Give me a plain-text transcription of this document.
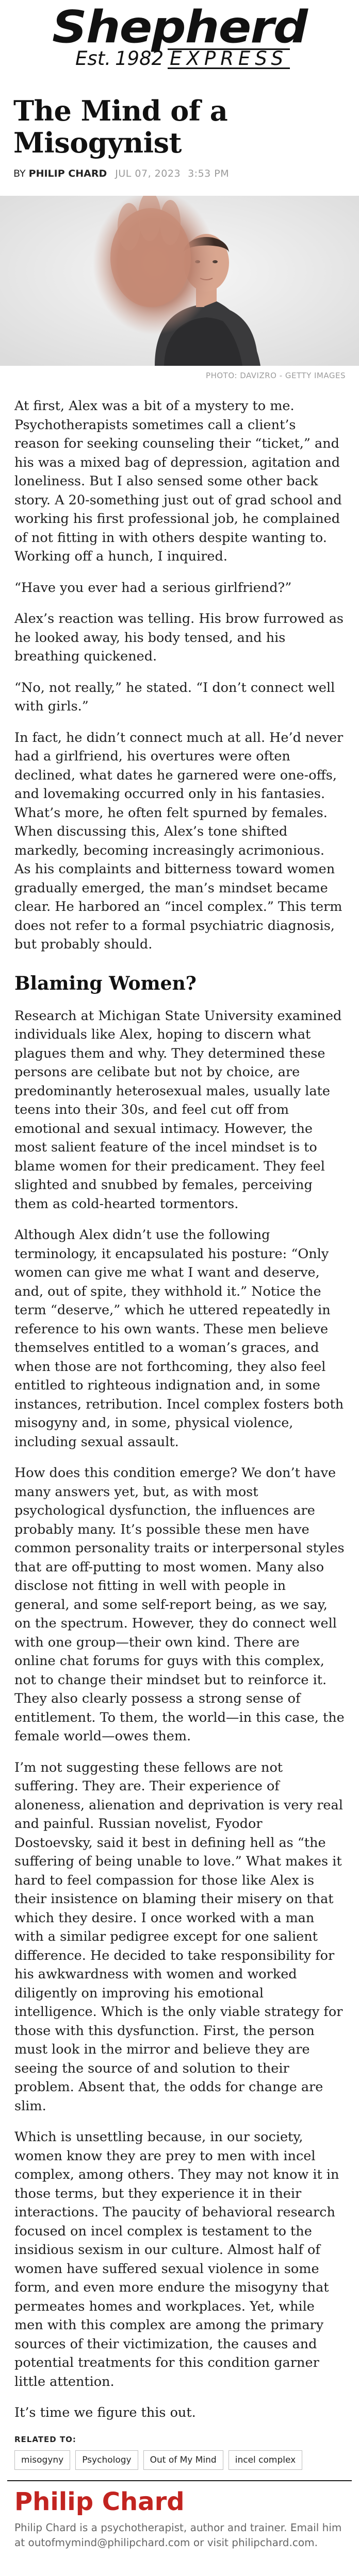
Shepherd
Est. 1982 EXPRESS
The Mind of a Misogynist
BY PHILIP CHARD JUL 07, 2023 3:53 PM
PHOTO: DAVIZRO - GETTY IMAGES

At first, Alex was a bit of a mystery to me. Psychotherapists sometimes call a client’s reason for seeking counseling their “ticket,” and his was a mixed bag of depression, agitation and loneliness. But I also sensed some other back story. A 20-something just out of grad school and working his first professional job, he complained of not fitting in with others despite wanting to. Working off a hunch, I inquired.

“Have you ever had a serious girlfriend?”

Alex’s reaction was telling. His brow furrowed as he looked away, his body tensed, and his breathing quickened.

“No, not really,” he stated. “I don’t connect well with girls.”

In fact, he didn’t connect much at all. He’d never had a girlfriend, his overtures were often declined, what dates he garnered were one-offs, and lovemaking occurred only in his fantasies. What’s more, he often felt spurned by females. When discussing this, Alex’s tone shifted markedly, becoming increasingly acrimonious. As his complaints and bitterness toward women gradually emerged, the man’s mindset became clear. He harbored an “incel complex.” This term does not refer to a formal psychiatric diagnosis, but probably should.

Blaming Women?

Research at Michigan State University examined individuals like Alex, hoping to discern what plagues them and why. They determined these persons are celibate but not by choice, are predominantly heterosexual males, usually late teens into their 30s, and feel cut off from emotional and sexual intimacy. However, the most salient feature of the incel mindset is to blame women for their predicament. They feel slighted and snubbed by females, perceiving them as cold-hearted tormentors.

Although Alex didn’t use the following terminology, it encapsulated his posture: “Only women can give me what I want and deserve, and, out of spite, they withhold it.” Notice the term “deserve,” which he uttered repeatedly in reference to his own wants. These men believe themselves entitled to a woman’s graces, and when those are not forthcoming, they also feel entitled to righteous indignation and, in some instances, retribution. Incel complex fosters both misogyny and, in some, physical violence, including sexual assault.

How does this condition emerge? We don’t have many answers yet, but, as with most psychological dysfunction, the influences are probably many. It’s possible these men have common personality traits or interpersonal styles that are off-putting to most women. Many also disclose not fitting in well with people in general, and some self-report being, as we say, on the spectrum. However, they do connect well with one group—their own kind. There are online chat forums for guys with this complex, not to change their mindset but to reinforce it. They also clearly possess a strong sense of entitlement. To them, the world—in this case, the female world—owes them.

I’m not suggesting these fellows are not suffering. They are. Their experience of aloneness, alienation and deprivation is very real and painful. Russian novelist, Fyodor Dostoevsky, said it best in defining hell as “the suffering of being unable to love.” What makes it hard to feel compassion for those like Alex is their insistence on blaming their misery on that which they desire. I once worked with a man with a similar pedigree except for one salient difference. He decided to take responsibility for his awkwardness with women and worked diligently on improving his emotional intelligence. Which is the only viable strategy for those with this dysfunction. First, the person must look in the mirror and believe they are seeing the source of and solution to their problem. Absent that, the odds for change are slim.

Which is unsettling because, in our society, women know they are prey to men with incel complex, among others. They may not know it in those terms, but they experience it in their interactions. The paucity of behavioral research focused on incel complex is testament to the insidious sexism in our culture. Almost half of women have suffered sexual violence in some form, and even more endure the misogyny that permeates homes and workplaces. Yet, while men with this complex are among the primary sources of their victimization, the causes and potential treatments for this condition garner little attention.

It’s time we figure this out.

RELATED TO:
misogyny	Psychology	Out of My Mind	incel complex
Philip Chard
Philip Chard is a psychotherapist, author and trainer. Email him at outofmymind@philipchard.com or visit philipchard.com.
